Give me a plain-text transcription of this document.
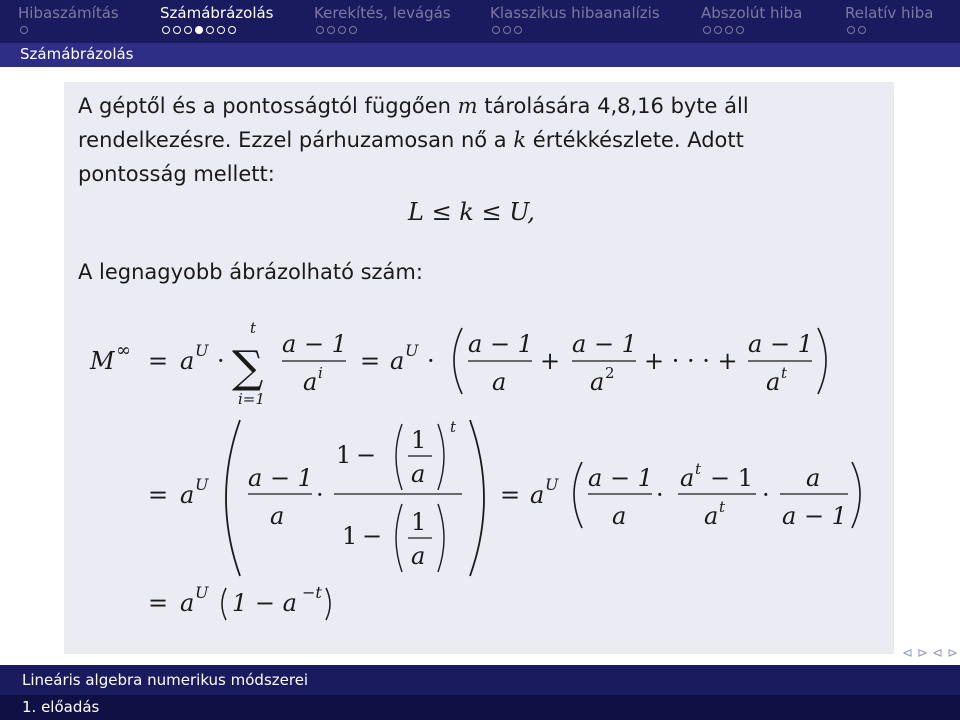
Hibaszámítás	Számábrázolás	Kerekítés, levágás	Klasszikus hibaanalízis	Abszolút hiba	Relatív hiba
Számábrázolás
A géptől és a pontosságtól függően m tárolására 4,8,16 byte áll
rendelkezésre. Ezzel párhuzamosan nő a k értékkészlete. Adott
pontosság mellett:
L ≤ k ≤ U,
A legnagyobb ábrázolható szám:
M ∞ = a U · ∑
t
i=1
a − 1
a i = a U ·
a − 1
a
+
a − 1
a 2 + · · · +
a − 1
a t
= a U a − 1
a
·
1 −
1
a
t
1 − 1
a
= a U a − 1
a
·
a t − 1
a t ·
a
a − 1
= a U 1 − a −t
⊲ ⊳ ⊲ ⊳
Lineáris algebra numerikus módszerei
1. előadás
